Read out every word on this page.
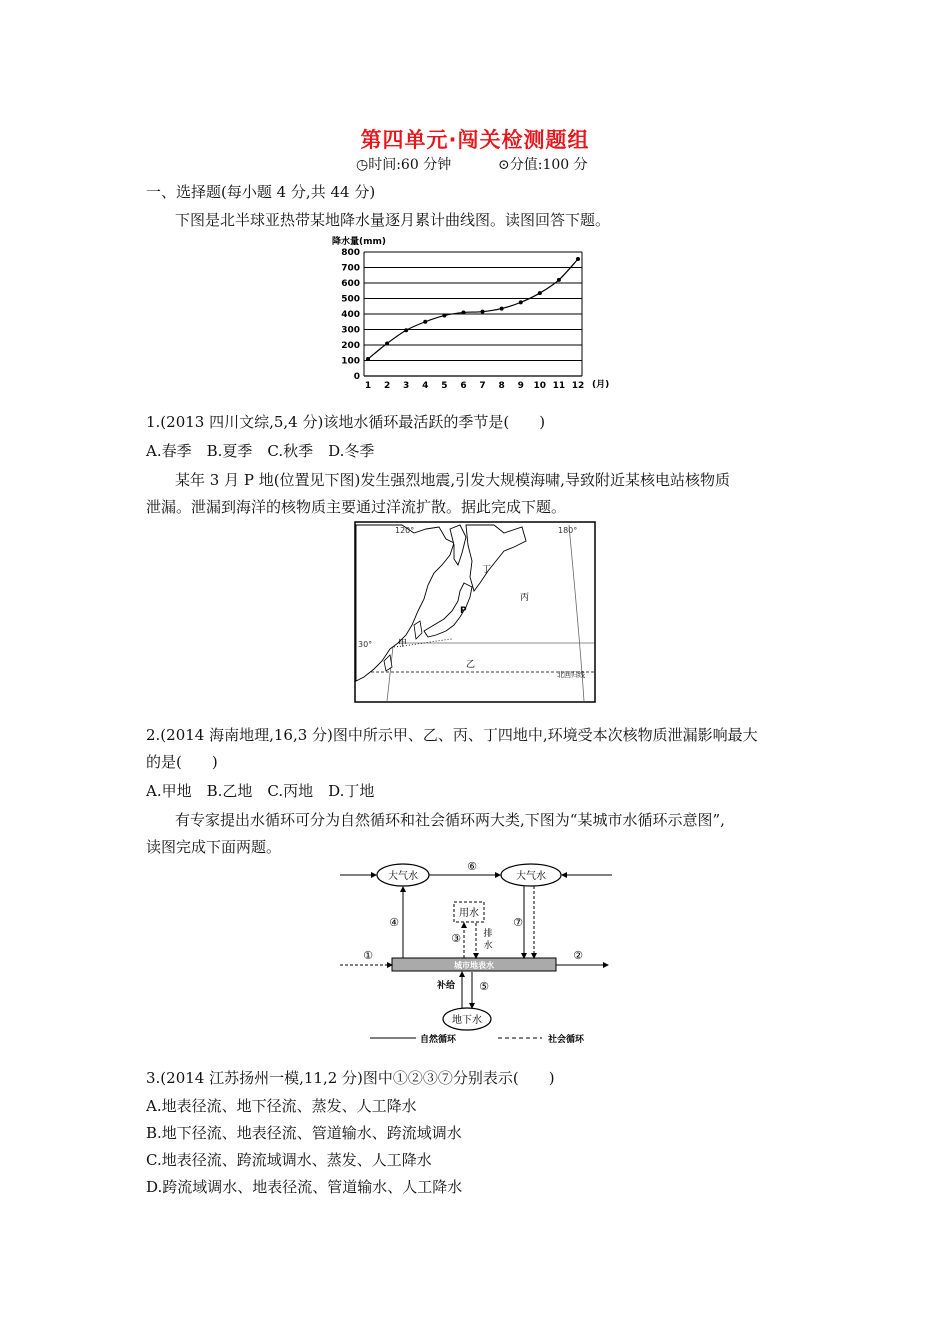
第四单元·闯关检测题组
◷时间:60 分钟	⊙分值:100 分
一、选择题(每小题 4 分,共 44 分)
下图是北半球亚热带某地降水量逐月累计曲线图。读图回答下题。
0
100
200
300
400
500
600
700
800
1 2 3 4 5 6 7 8 9 10 11 12
降水量(mm)
(月)
1.(2013 四川文综,5,4 分)该地水循环最活跃的季节是(　　)
A.春季　B.夏季　C.秋季　D.冬季
某年 3 月 P 地(位置见下图)发生强烈地震,引发大规模海啸,导致附近某核电站核物质
泄漏。泄漏到海洋的核物质主要通过洋流扩散。据此完成下题。
120°	180°
30°	甲
乙
丙
丁
P
北回归线
2.(2014 海南地理,16,3 分)图中所示甲、乙、丙、丁四地中,环境受本次核物质泄漏影响最大
的是(　　)
A.甲地　B.乙地　C.丙地　D.丁地
有专家提出水循环可分为自然循环和社会循环两大类,下图为“某城市水循环示意图”,
读图完成下面两题。
大气水	大气水
地下水
⑥
城市地表水
④	⑦
用水
③	排
水
①	②
补给 ⑤
自然循环	社会循环
3.(2014 江苏扬州一模,11,2 分)图中①②③⑦分别表示(　　)
A.地表径流、地下径流、蒸发、人工降水
B.地下径流、地表径流、管道输水、跨流域调水
C.地表径流、跨流域调水、蒸发、人工降水
D.跨流域调水、地表径流、管道输水、人工降水
